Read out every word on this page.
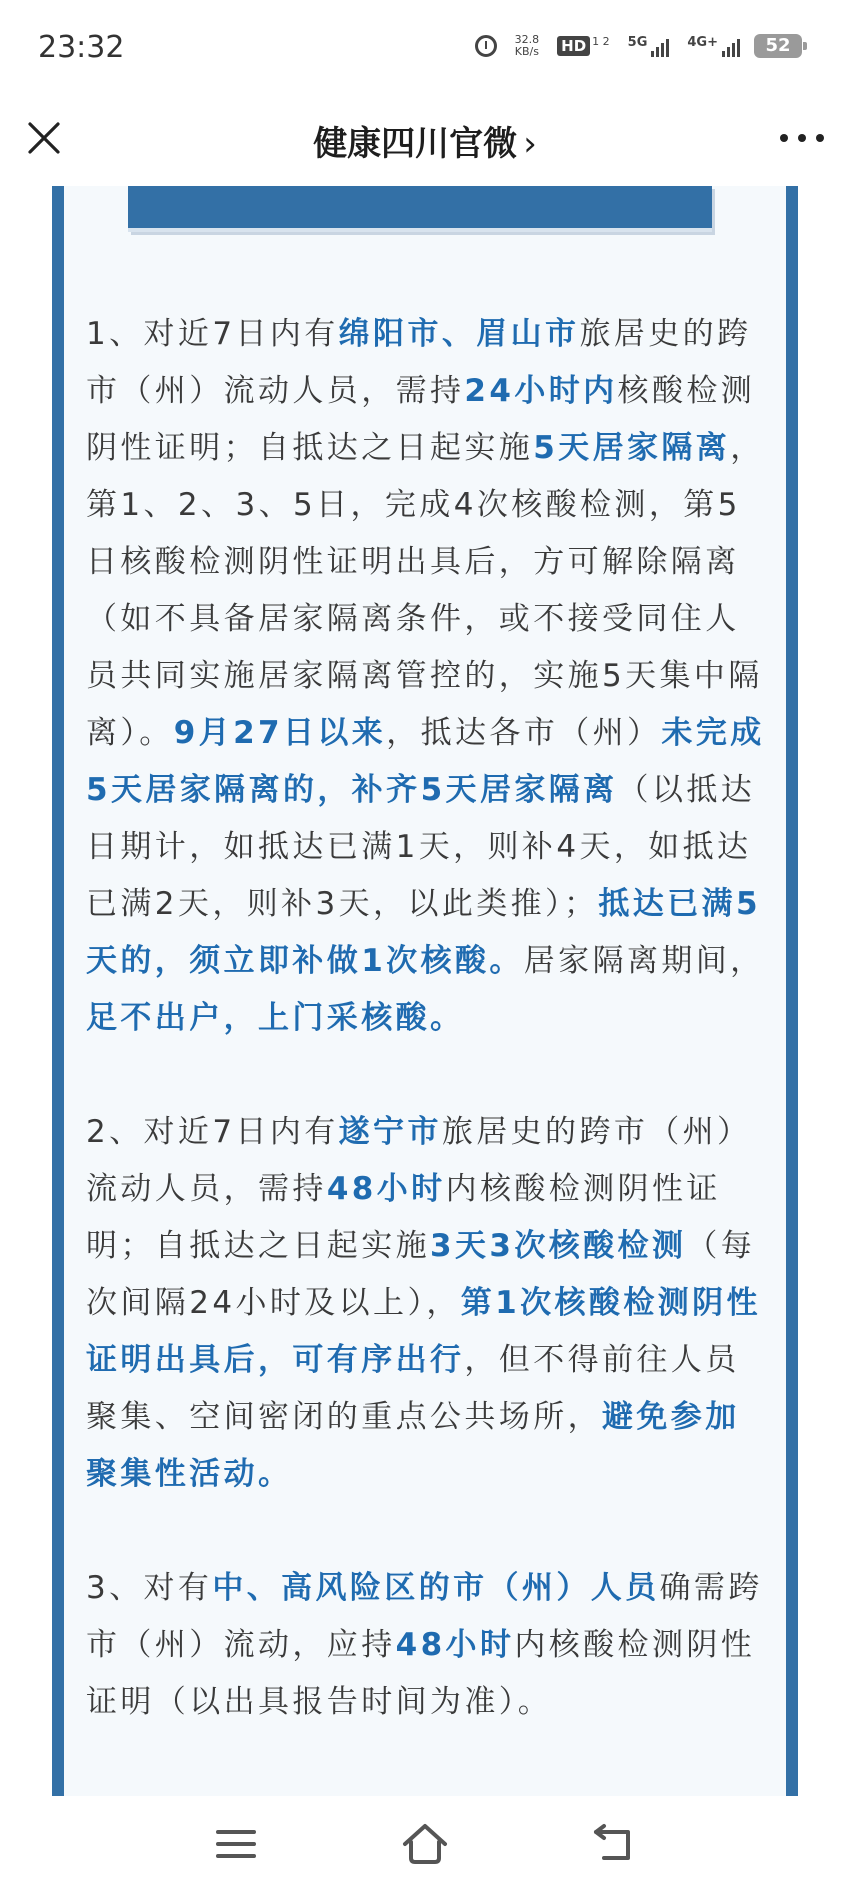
23:32	32.8
KB/s HD 1 2 5G	4G+	52
健康四川官微 ›

1、对近7日内有绵阳市、眉山市旅居史的跨市（州）流动人员，需持24小时内核酸检测阴性证明；自抵达之日起实施5天居家隔离，第1、2、3、5日，完成4次核酸检测，第5日核酸检测阴性证明出具后，方可解除隔离（如不具备居家隔离条件，或不接受同住人员共同实施居家隔离管控的，实施5天集中隔离）。9月27日以来，抵达各市（州）未完成5天居家隔离的，补齐5天居家隔离（以抵达日期计，如抵达已满1天，则补4天，如抵达已满2天，则补3天，以此类推）；抵达已满5天的，须立即补做1次核酸。居家隔离期间，足不出户，上门采核酸。

2、对近7日内有遂宁市旅居史的跨市（州）流动人员，需持48小时内核酸检测阴性证明；自抵达之日起实施3天3次核酸检测（每次间隔24小时及以上），第1次核酸检测阴性证明出具后，可有序出行，但不得前往人员聚集、空间密闭的重点公共场所，避免参加聚集性活动。

3、对有中、高风险区的市（州）人员确需跨市（州）流动，应持48小时内核酸检测阴性证明（以出具报告时间为准）。
